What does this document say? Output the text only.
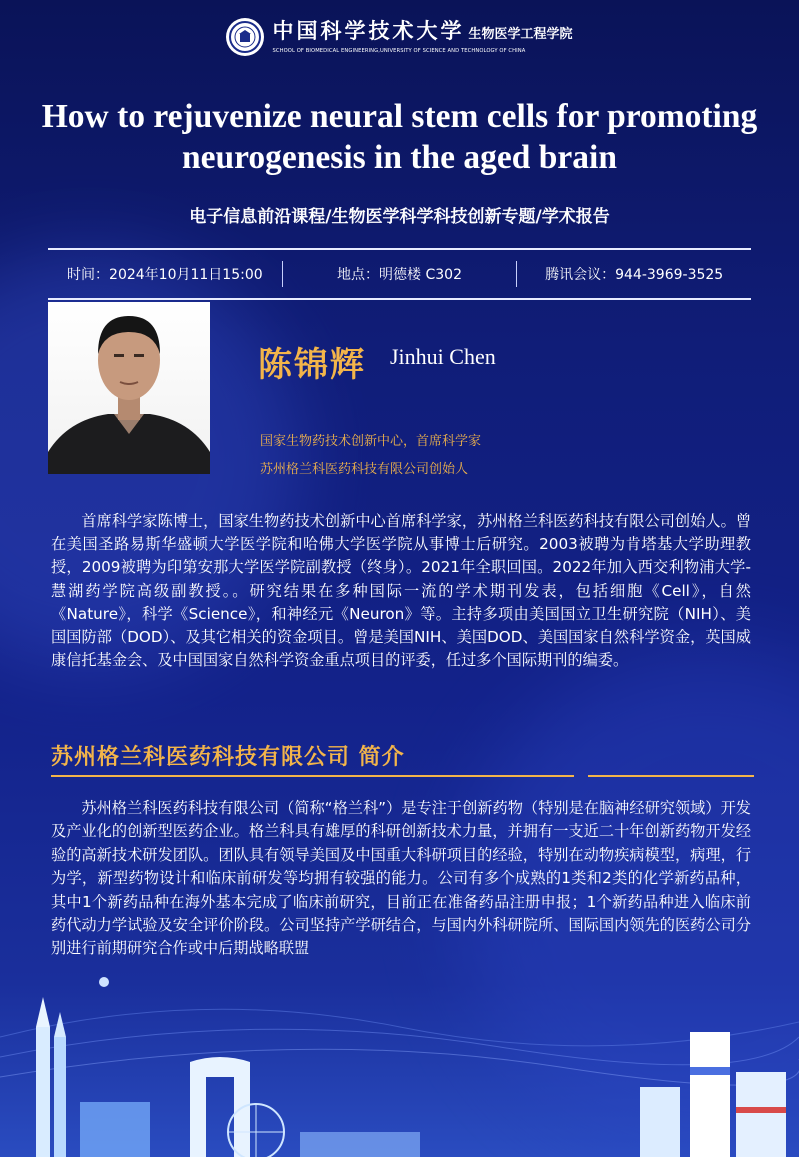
中国科学技术大学 生物医学工程学院
SCHOOL OF BIOMEDICAL ENGINEERING,UNIVERSITY OF SCIENCE AND TECHNOLOGY OF CHINA
How to rejuvenize neural stem cells for promoting neurogenesis in the aged brain
电子信息前沿课程/生物医学科学科技创新专题/学术报告
时间：2024年10月11日15:00	地点：明德楼 C302	腾讯会议：944-3969-3525
陈锦辉 Jinhui Chen
国家生物药技术创新中心，首席科学家
苏州格兰科医药科技有限公司创始人
首席科学家陈博士，国家生物药技术创新中心首席科学家，苏州格兰科医药科技有限公司创始人。曾在美国圣路易斯华盛顿大学医学院和哈佛大学医学院从事博士后研究。2003被聘为肯塔基大学助理教授，2009被聘为印第安那大学医学院副教授（终身）。2021年全职回国。2022年加入西交利物浦大学-慧湖药学院高级副教授。。研究结果在多种国际一流的学术期刊发表，包括细胞《Cell》，自然《Nature》，科学《Science》，和神经元《Neuron》等。主持多项由美国国立卫生研究院（NIH）、美国国防部（DOD）、及其它相关的资金项目。曾是美国NIH、美国DOD、美国国家自然科学资金，英国威康信托基金会、及中国国家自然科学资金重点项目的评委，任过多个国际期刊的编委。
苏州格兰科医药科技有限公司 简介
苏州格兰科医药科技有限公司（简称“格兰科”）是专注于创新药物（特别是在脑神经研究领域）开发及产业化的创新型医药企业。格兰科具有雄厚的科研创新技术力量，并拥有一支近二十年创新药物开发经验的高新技术研发团队。团队具有领导美国及中国重大科研项目的经验，特别在动物疾病模型，病理，行为学，新型药物设计和临床前研发等均拥有较强的能力。公司有多个成熟的1类和2类的化学新药品种，其中1个新药品种在海外基本完成了临床前研究，目前正在准备药品注册申报；1个新药品种进入临床前药代动力学试验及安全评价阶段。公司坚持产学研结合，与国内外科研院所、国际国内领先的医药公司分别进行前期研究合作或中后期战略联盟
